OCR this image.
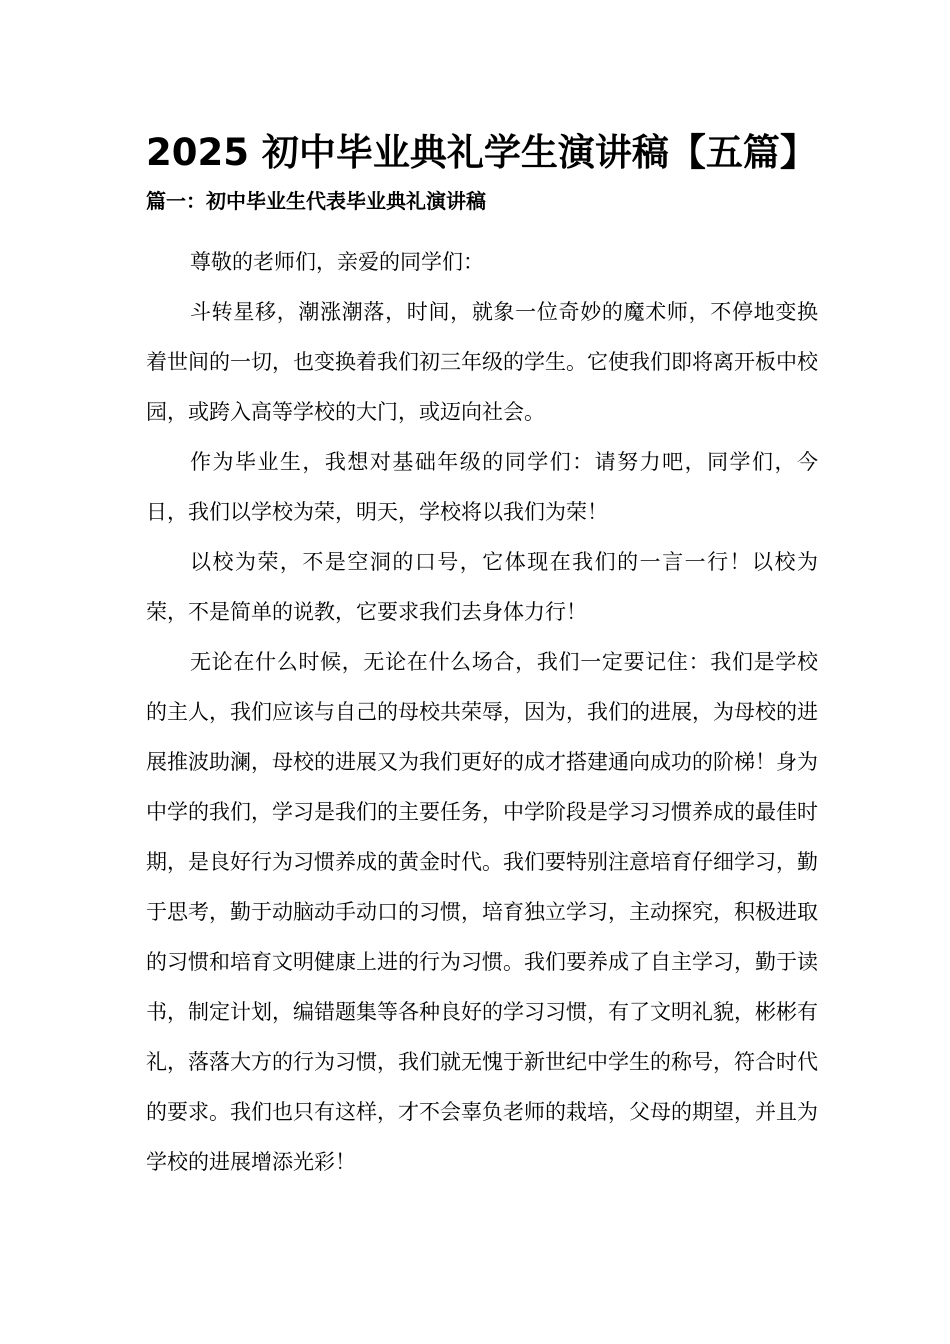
2025 初中毕业典礼学生演讲稿【五篇】
篇一：初中毕业生代表毕业典礼演讲稿

尊敬的老师们，亲爱的同学们：

斗转星移，潮涨潮落，时间，就象一位奇妙的魔术师，不停地变换着世间的一切，也变换着我们初三年级的学生。它使我们即将离开板中校园，或跨入高等学校的大门，或迈向社会。

作为毕业生，我想对基础年级的同学们：请努力吧，同学们，今日，我们以学校为荣，明天，学校将以我们为荣！

以校为荣，不是空洞的口号，它体现在我们的一言一行！以校为荣，不是简单的说教，它要求我们去身体力行！

无论在什么时候，无论在什么场合，我们一定要记住：我们是学校的主人，我们应该与自己的母校共荣辱，因为，我们的进展，为母校的进展推波助澜，母校的进展又为我们更好的成才搭建通向成功的阶梯！身为中学的我们，学习是我们的主要任务，中学阶段是学习习惯养成的最佳时期，是良好行为习惯养成的黄金时代。我们要特别注意培育仔细学习，勤于思考，勤于动脑动手动口的习惯，培育独立学习，主动探究，积极进取的习惯和培育文明健康上进的行为习惯。我们要养成了自主学习，勤于读书，制定计划，编错题集等各种良好的学习习惯，有了文明礼貌，彬彬有礼，落落大方的行为习惯，我们就无愧于新世纪中学生的称号，符合时代的要求。我们也只有这样，才不会辜负老师的栽培，父母的期望，并且为学校的进展增添光彩！
